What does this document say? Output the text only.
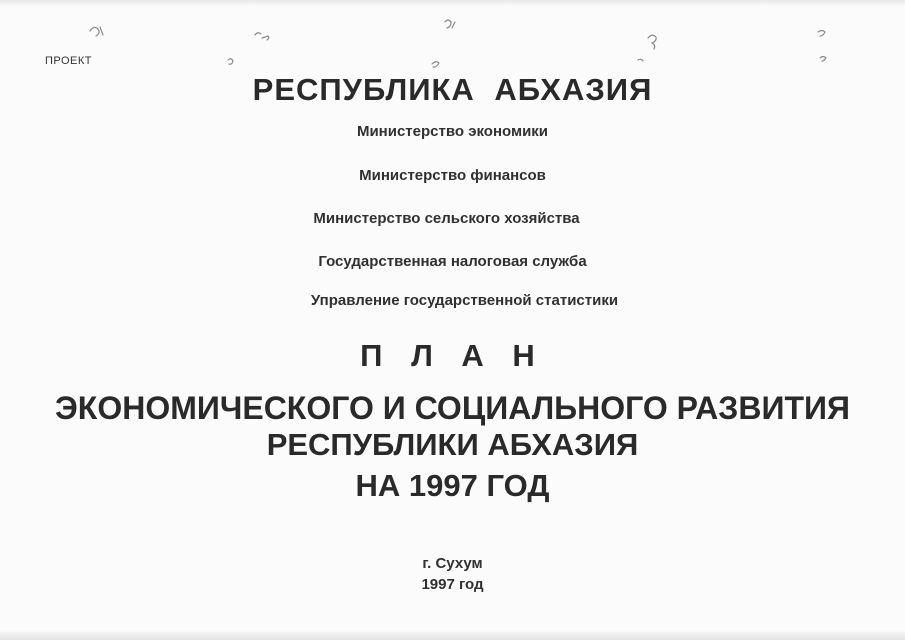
ПРОЕКТ
РЕСПУБЛИКА АБХАЗИЯ
Министерство экономики
Министерство финансов
Министерство сельского хозяйства
Государственная налоговая служба
Управление государственной статистики
П Л А Н
ЭКОНОМИЧЕСКОГО И СОЦИАЛЬНОГО РАЗВИТИЯ
РЕСПУБЛИКИ АБХАЗИЯ
НА 1997 ГОД
г. Сухум
1997 год
